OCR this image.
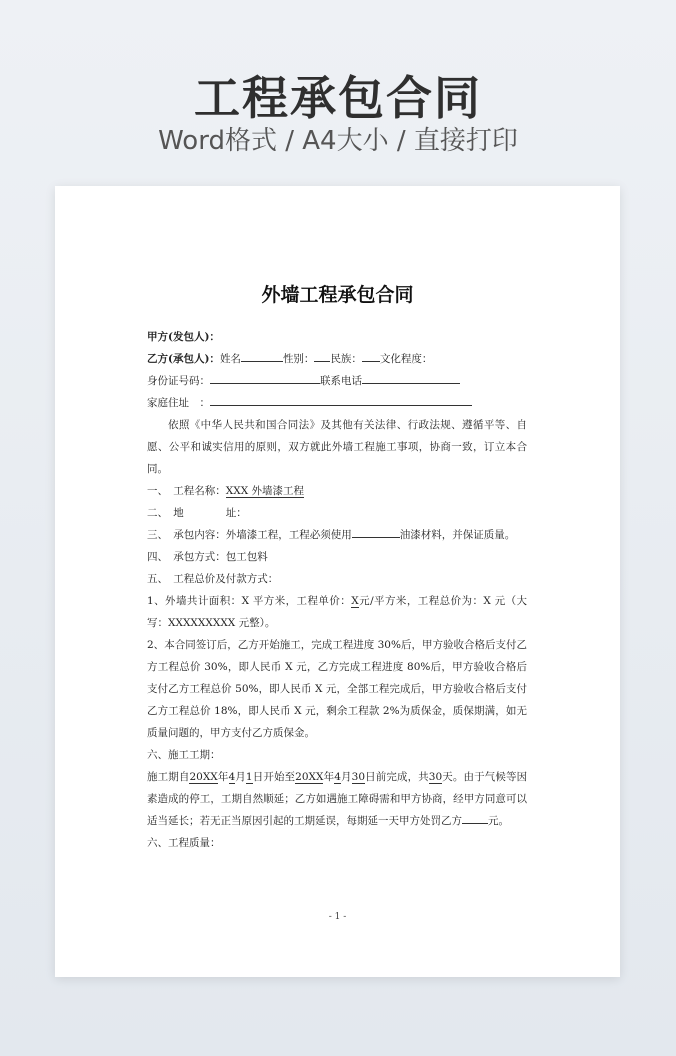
工程承包合同
Word格式 / A4大小 / 直接打印
外墙工程承包合同
甲方(发包人)：
乙方(承包人)：姓名	性别： 民族： 文化程度：
身份证号码：	联系电话
家庭住址　：
依照《中华人民共和国合同法》及其他有关法律、行政法规、遵循平等、自愿、公平和诚实信用的原则，双方就此外墙工程施工事项，协商一致，订立本合同。
一、　工程名称：XXX 外墙漆工程
二、　地　　　　址：
三、　承包内容：外墙漆工程，工程必须使用	油漆材料，并保证质量。
四、　承包方式：包工包料
五、　工程总价及付款方式：
1、外墙共计面积：X 平方米，工程单价：X元/平方米，工程总价为：X 元（大写：XXXXXXXXX 元整）。
2、本合同签订后，乙方开始施工，完成工程进度 30%后，甲方验收合格后支付乙方工程总价 30%，即人民币 X 元，乙方完成工程进度 80%后，甲方验收合格后支付乙方工程总价 50%，即人民币 X 元，全部工程完成后，甲方验收合格后支付乙方工程总价 18%，即人民币 X 元，剩余工程款 2%为质保金，质保期满，如无质量问题的，甲方支付乙方质保金。
六、施工工期：
施工期自20XX年4月1日开始至20XX年4月30日前完成，共30天。由于气候等因素造成的停工，工期自然顺延；乙方如遇施工障碍需和甲方协商，经甲方同意可以适当延长；若无正当原因引起的工期延误，每期延一天甲方处罚乙方 元。
六、工程质量：
- 1 -
